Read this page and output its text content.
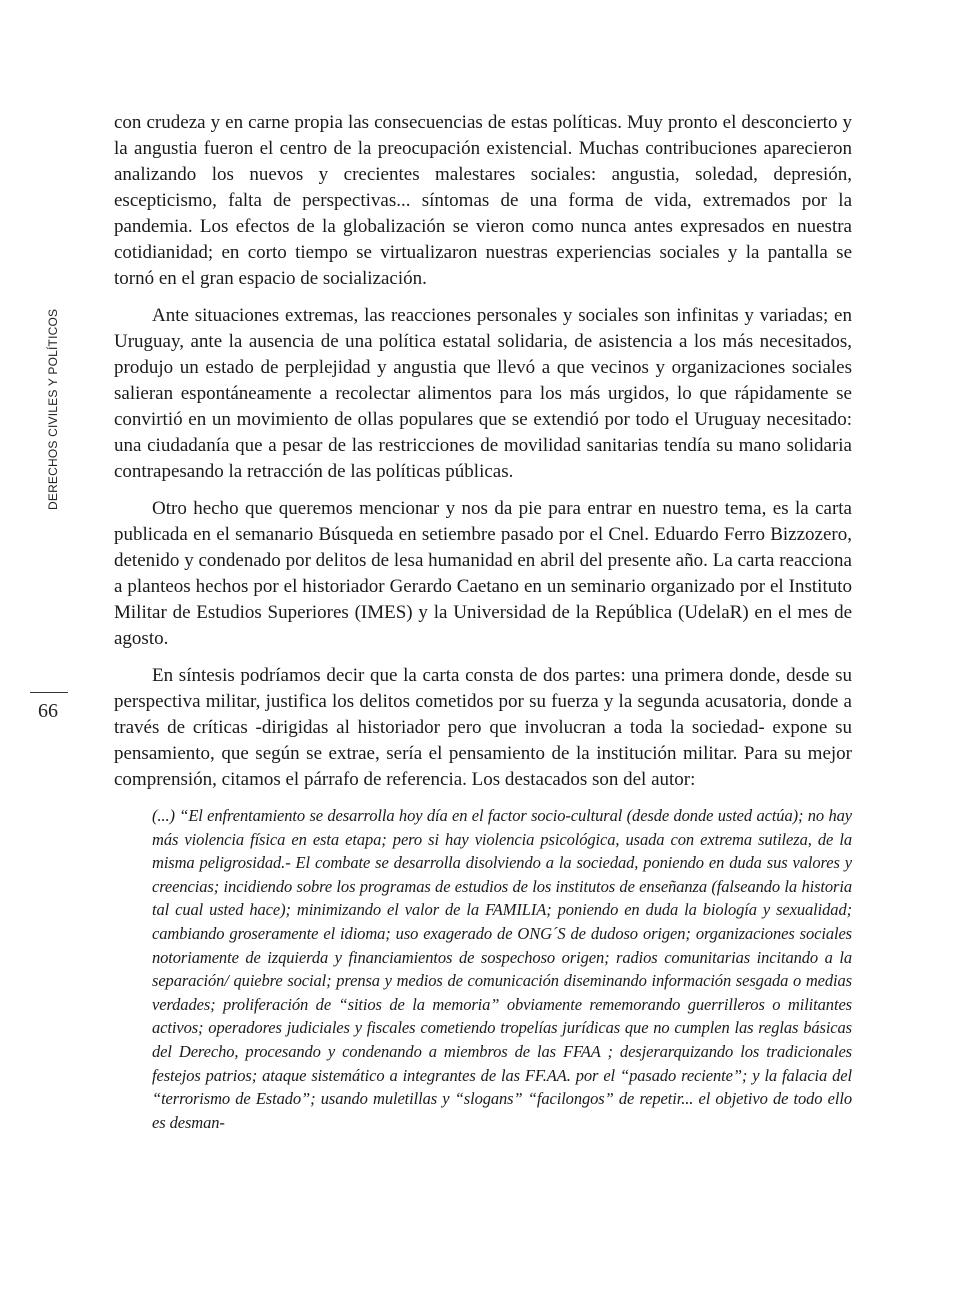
DERECHOS CIVILES Y POLÍTICOS
66

con crudeza y en carne propia las consecuencias de estas políticas. Muy pronto el desconcierto y la angustia fueron el centro de la preocupación existencial. Muchas contribuciones aparecieron analizando los nuevos y crecientes malestares sociales: angustia, soledad, depresión, escepticismo, falta de perspectivas... síntomas de una forma de vida, extremados por la pandemia. Los efectos de la globalización se vieron como nunca antes expresados en nuestra cotidianidad; en corto tiempo se virtualizaron nuestras experiencias sociales y la pantalla se tornó en el gran espacio de socialización.

Ante situaciones extremas, las reacciones personales y sociales son infinitas y variadas; en Uruguay, ante la ausencia de una política estatal solidaria, de asistencia a los más necesitados, produjo un estado de perplejidad y angustia que llevó a que vecinos y organizaciones sociales salieran espontáneamente a recolectar alimentos para los más urgidos, lo que rápidamente se convirtió en un movimiento de ollas populares que se extendió por todo el Uruguay necesitado: una ciudadanía que a pesar de las restricciones de movilidad sanitarias tendía su mano solidaria contrapesando la retracción de las políticas públicas.

Otro hecho que queremos mencionar y nos da pie para entrar en nuestro tema, es la carta publicada en el semanario Búsqueda en setiembre pasado por el Cnel. Eduardo Ferro Bizzozero, detenido y condenado por delitos de lesa humanidad en abril del presente año. La carta reacciona a planteos hechos por el historiador Gerardo Caetano en un seminario organizado por el Instituto Militar de Estudios Superiores (IMES) y la Universidad de la República (UdelaR) en el mes de agosto.

En síntesis podríamos decir que la carta consta de dos partes: una primera donde, desde su perspectiva militar, justifica los delitos cometidos por su fuerza y la segunda acusatoria, donde a través de críticas -dirigidas al historiador pero que involucran a toda la sociedad- expone su pensamiento, que según se extrae, sería el pensamiento de la institución militar. Para su mejor comprensión, citamos el párrafo de referencia. Los destacados son del autor:

(...) “El enfrentamiento se desarrolla hoy día en el factor socio-cultural (desde donde usted actúa); no hay más violencia física en esta etapa; pero si hay violencia psicológica, usada con extrema sutileza, de la misma peligrosidad.- El combate se desarrolla disolviendo a la sociedad, poniendo en duda sus valores y creencias; incidiendo sobre los programas de estudios de los institutos de enseñanza (falseando la historia tal cual usted hace); minimizando el valor de la FAMILIA; poniendo en duda la biología y sexualidad; cambiando groseramente el idioma; uso exagerado de ONG´S de dudoso origen; organizaciones sociales notoriamente de izquierda y financiamientos de sospechoso origen; radios comunitarias incitando a la separación/ quiebre social; prensa y medios de comunicación diseminando información sesgada o medias verdades; proliferación de “sitios de la memoria” obviamente rememorando guerrilleros o militantes activos; operadores judiciales y fiscales cometiendo tropelías jurídicas que no cumplen las reglas básicas del Derecho, procesando y condenando a miembros de las FFAA ; desjerarquizando los tradicionales festejos patrios; ataque sistemático a integrantes de las FF.AA. por el “pasado reciente”; y la falacia del “terrorismo de Estado”; usando muletillas y “slogans” “facilongos” de repetir... el objetivo de todo ello es desman-
